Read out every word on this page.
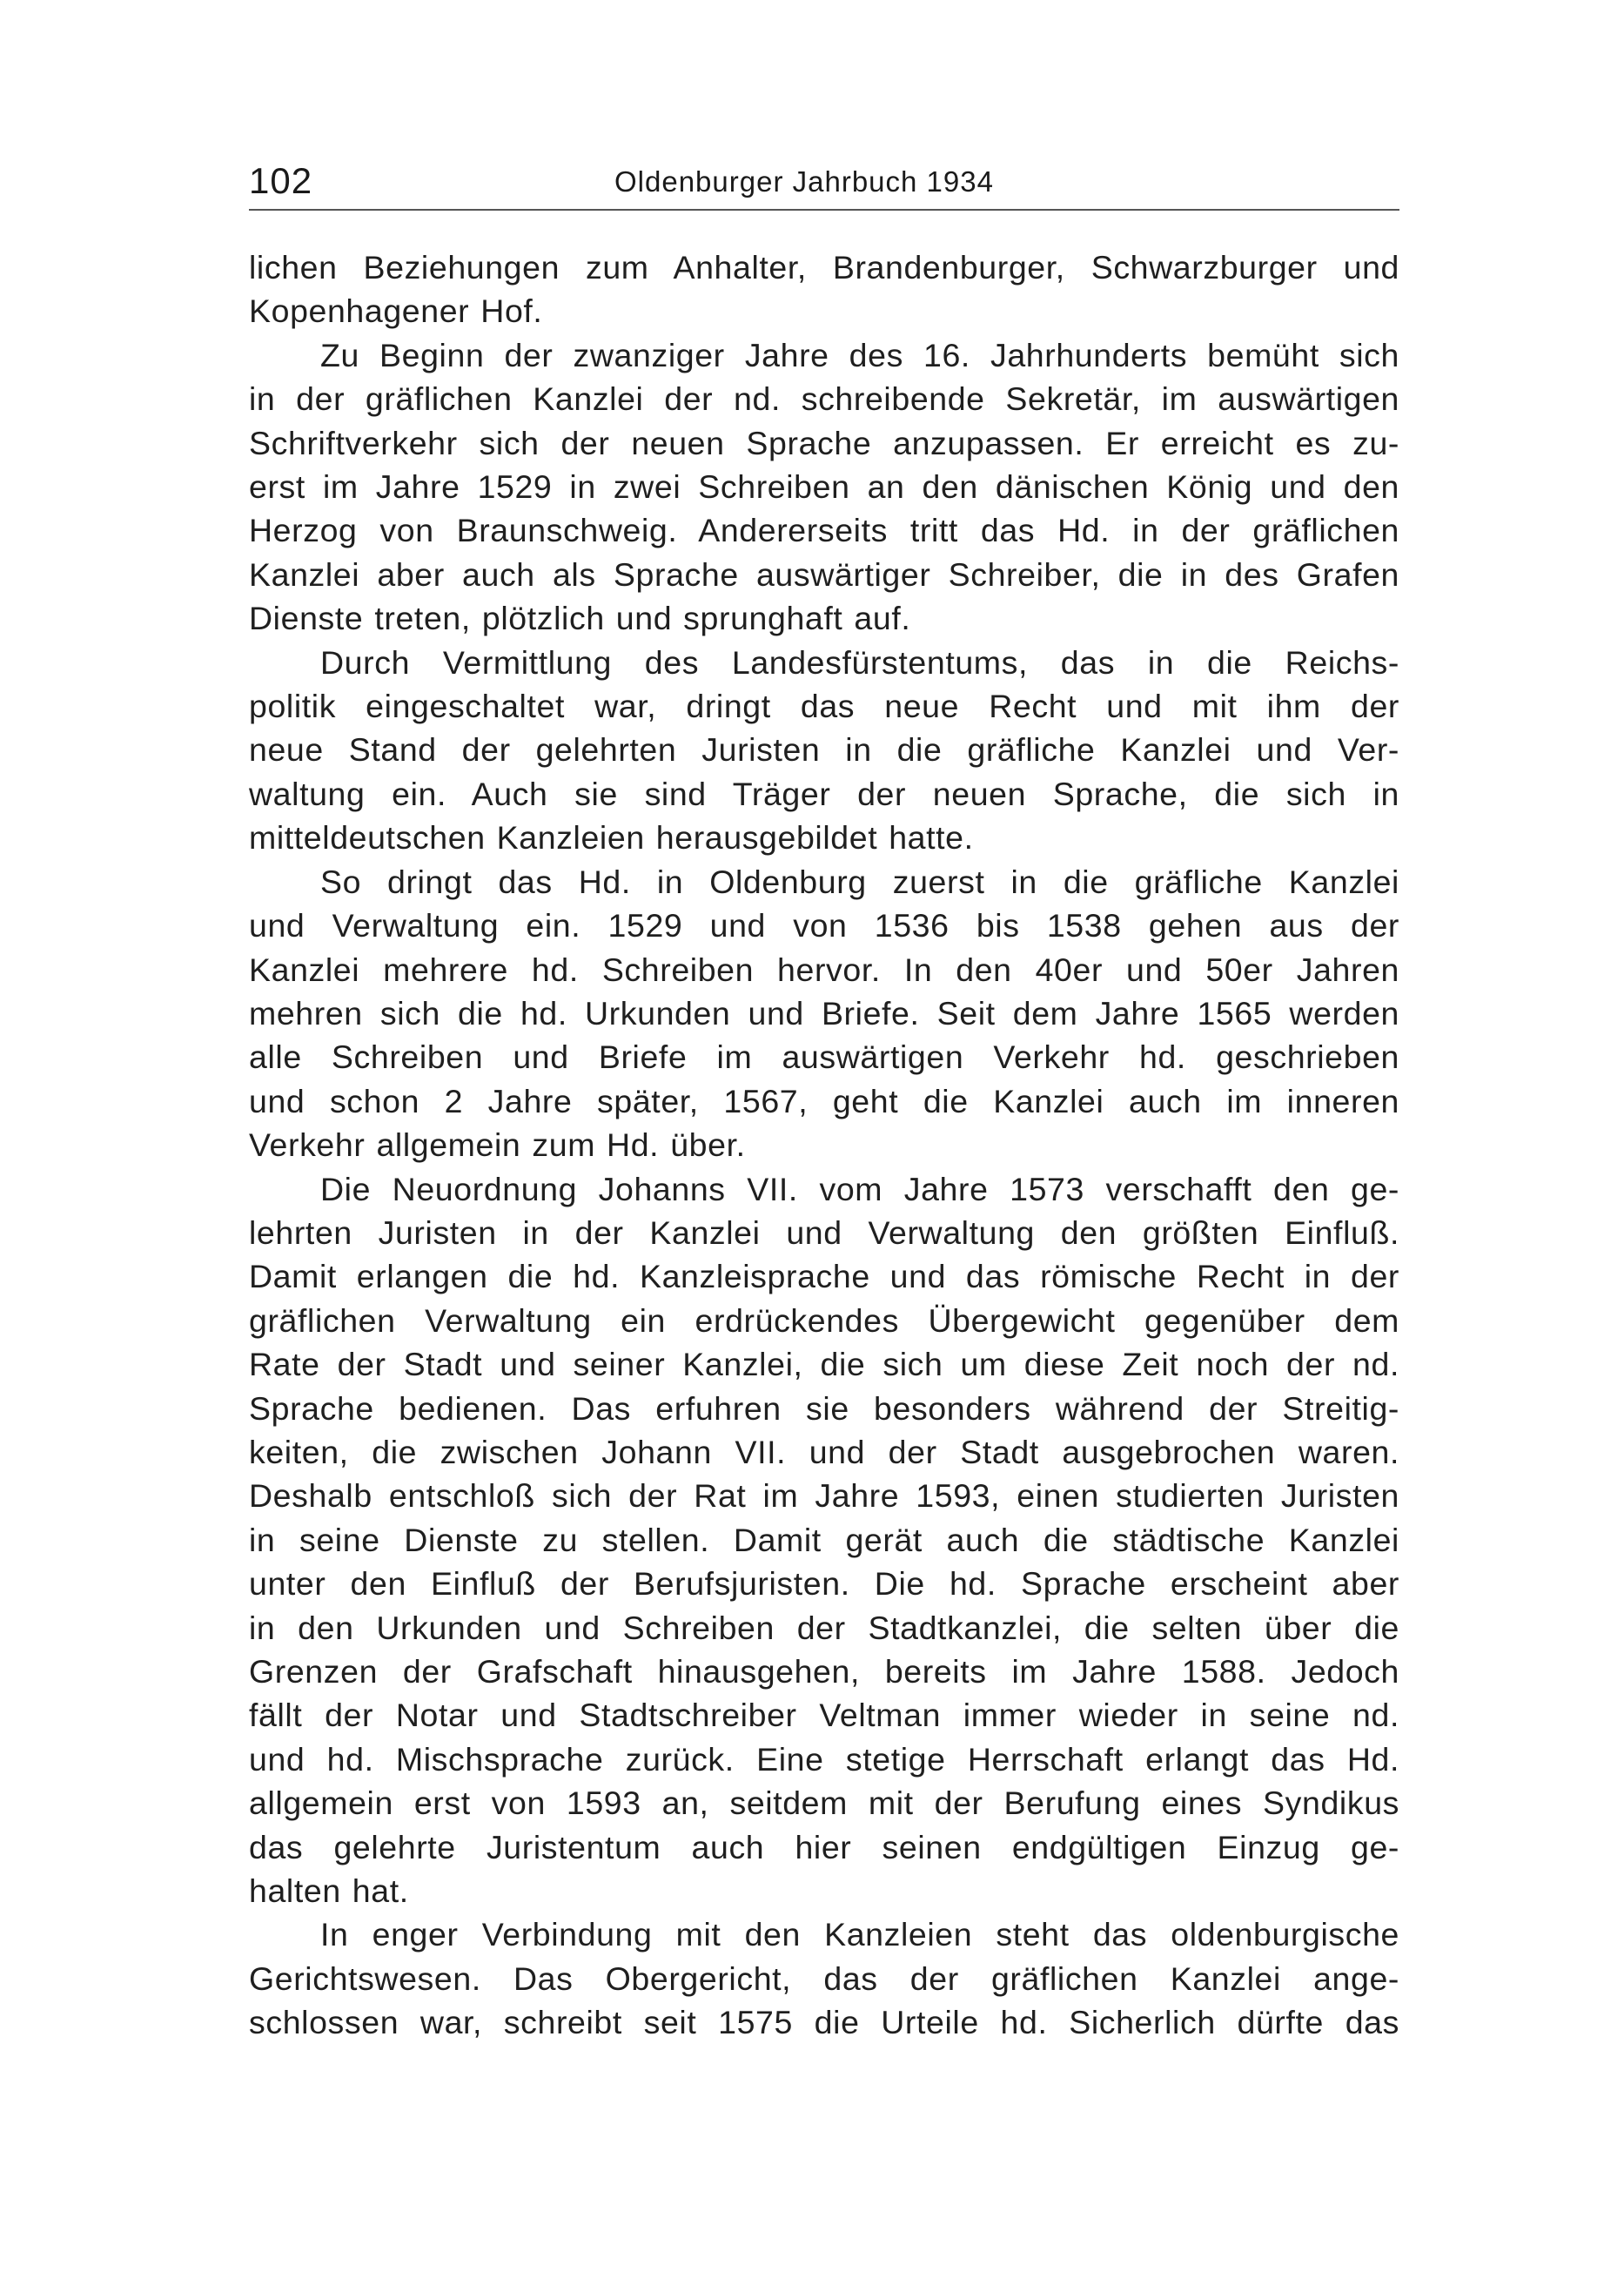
102	Oldenburger Jahrbuch 1934
lichen Beziehungen zum Anhalter, Brandenburger, Schwarzburger und
Kopenhagener Hof.
Zu Beginn der zwanziger Jahre des 16. Jahrhunderts bemüht sich
in der gräflichen Kanzlei der nd. schreibende Sekretär, im auswärtigen
Schriftverkehr sich der neuen Sprache anzupassen. Er erreicht es zu-
erst im Jahre 1529 in zwei Schreiben an den dänischen König und den
Herzog von Braunschweig. Andererseits tritt das Hd. in der gräflichen
Kanzlei aber auch als Sprache auswärtiger Schreiber, die in des Grafen
Dienste treten, plötzlich und sprunghaft auf.
Durch Vermittlung des Landesfürstentums, das in die Reichs-
politik eingeschaltet war, dringt das neue Recht und mit ihm der
neue Stand der gelehrten Juristen in die gräfliche Kanzlei und Ver-
waltung ein. Auch sie sind Träger der neuen Sprache, die sich in
mitteldeutschen Kanzleien herausgebildet hatte.
So dringt das Hd. in Oldenburg zuerst in die gräfliche Kanzlei
und Verwaltung ein. 1529 und von 1536 bis 1538 gehen aus der
Kanzlei mehrere hd. Schreiben hervor. In den 40er und 50er Jahren
mehren sich die hd. Urkunden und Briefe. Seit dem Jahre 1565 werden
alle Schreiben und Briefe im auswärtigen Verkehr hd. geschrieben
und schon 2 Jahre später, 1567, geht die Kanzlei auch im inneren
Verkehr allgemein zum Hd. über.
Die Neuordnung Johanns VII. vom Jahre 1573 verschafft den ge-
lehrten Juristen in der Kanzlei und Verwaltung den größten Einfluß.
Damit erlangen die hd. Kanzleisprache und das römische Recht in der
gräflichen Verwaltung ein erdrückendes Übergewicht gegenüber dem
Rate der Stadt und seiner Kanzlei, die sich um diese Zeit noch der nd.
Sprache bedienen. Das erfuhren sie besonders während der Streitig-
keiten, die zwischen Johann VII. und der Stadt ausgebrochen waren.
Deshalb entschloß sich der Rat im Jahre 1593, einen studierten Juristen
in seine Dienste zu stellen. Damit gerät auch die städtische Kanzlei
unter den Einfluß der Berufsjuristen. Die hd. Sprache erscheint aber
in den Urkunden und Schreiben der Stadtkanzlei, die selten über die
Grenzen der Grafschaft hinausgehen, bereits im Jahre 1588. Jedoch
fällt der Notar und Stadtschreiber Veltman immer wieder in seine nd.
und hd. Mischsprache zurück. Eine stetige Herrschaft erlangt das Hd.
allgemein erst von 1593 an, seitdem mit der Berufung eines Syndikus
das gelehrte Juristentum auch hier seinen endgültigen Einzug ge-
halten hat.
In enger Verbindung mit den Kanzleien steht das oldenburgische
Gerichtswesen. Das Obergericht, das der gräflichen Kanzlei ange-
schlossen war, schreibt seit 1575 die Urteile hd. Sicherlich dürfte das
